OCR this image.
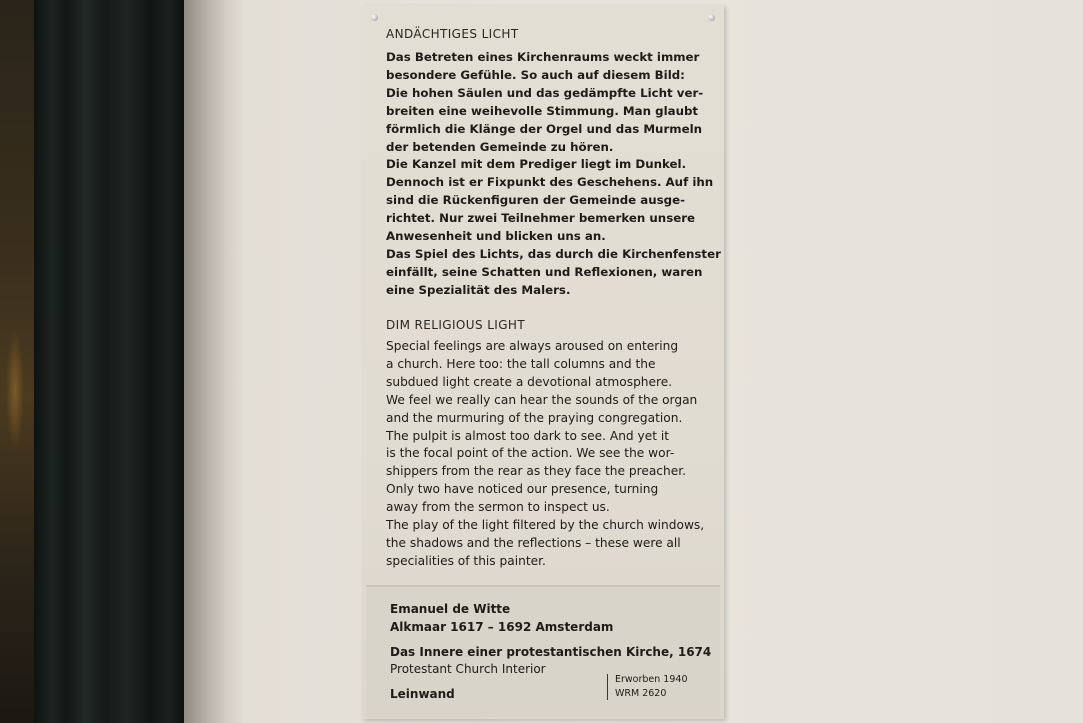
ANDÄCHTIGES LICHT
Das Betreten eines Kirchenraums weckt immer
besondere Gefühle. So auch auf diesem Bild:
Die hohen Säulen und das gedämpfte Licht ver-
breiten eine weihevolle Stimmung. Man glaubt
förmlich die Klänge der Orgel und das Murmeln
der betenden Gemeinde zu hören.
Die Kanzel mit dem Prediger liegt im Dunkel.
Dennoch ist er Fixpunkt des Geschehens. Auf ihn
sind die Rückenfiguren der Gemeinde ausge-
richtet. Nur zwei Teilnehmer bemerken unsere
Anwesenheit und blicken uns an.
Das Spiel des Lichts, das durch die Kirchenfenster
einfällt, seine Schatten und Reflexionen, waren
eine Spezialität des Malers.
DIM RELIGIOUS LIGHT
Special feelings are always aroused on entering
a church. Here too: the tall columns and the
subdued light create a devotional atmosphere.
We feel we really can hear the sounds of the organ
and the murmuring of the praying congregation.
The pulpit is almost too dark to see. And yet it
is the focal point of the action. We see the wor-
shippers from the rear as they face the preacher.
Only two have noticed our presence, turning
away from the sermon to inspect us.
The play of the light filtered by the church windows,
the shadows and the reflections – these were all
specialities of this painter.
Emanuel de Witte
Alkmaar 1617 – 1692 Amsterdam
Das Innere einer protestantischen Kirche, 1674
Protestant Church Interior
Leinwand
Erworben 1940
WRM 2620
